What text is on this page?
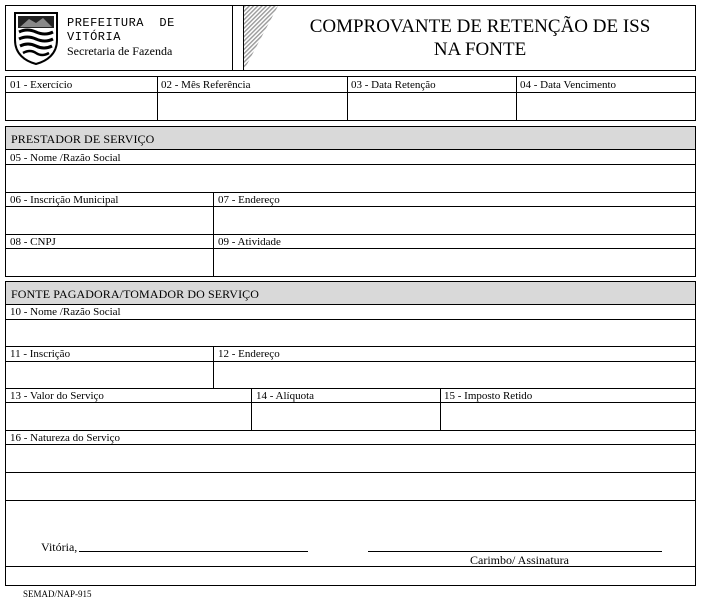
PREFEITURA  DE
VITÓRIA
Secretaria de Fazenda
COMPROVANTE DE RETENÇÃO DE ISS
NA FONTE
01 - Exercício	02 - Mês Referência	03 - Data Retenção	04 - Data Vencimento
PRESTADOR DE SERVIÇO
05 - Nome /Razão Social
06 - Inscrição Municipal	07 - Endereço
08 - CNPJ	09 - Atividade
FONTE PAGADORA/TOMADOR DO SERVIÇO
10 - Nome /Razão Social
11 - Inscrição	12 - Endereço
13 - Valor do Serviço	14 - Alíquota	15 - Imposto Retido
16 - Natureza do Serviço
Vitória,
Carimbo/ Assinatura
SEMAD/NAP-915
